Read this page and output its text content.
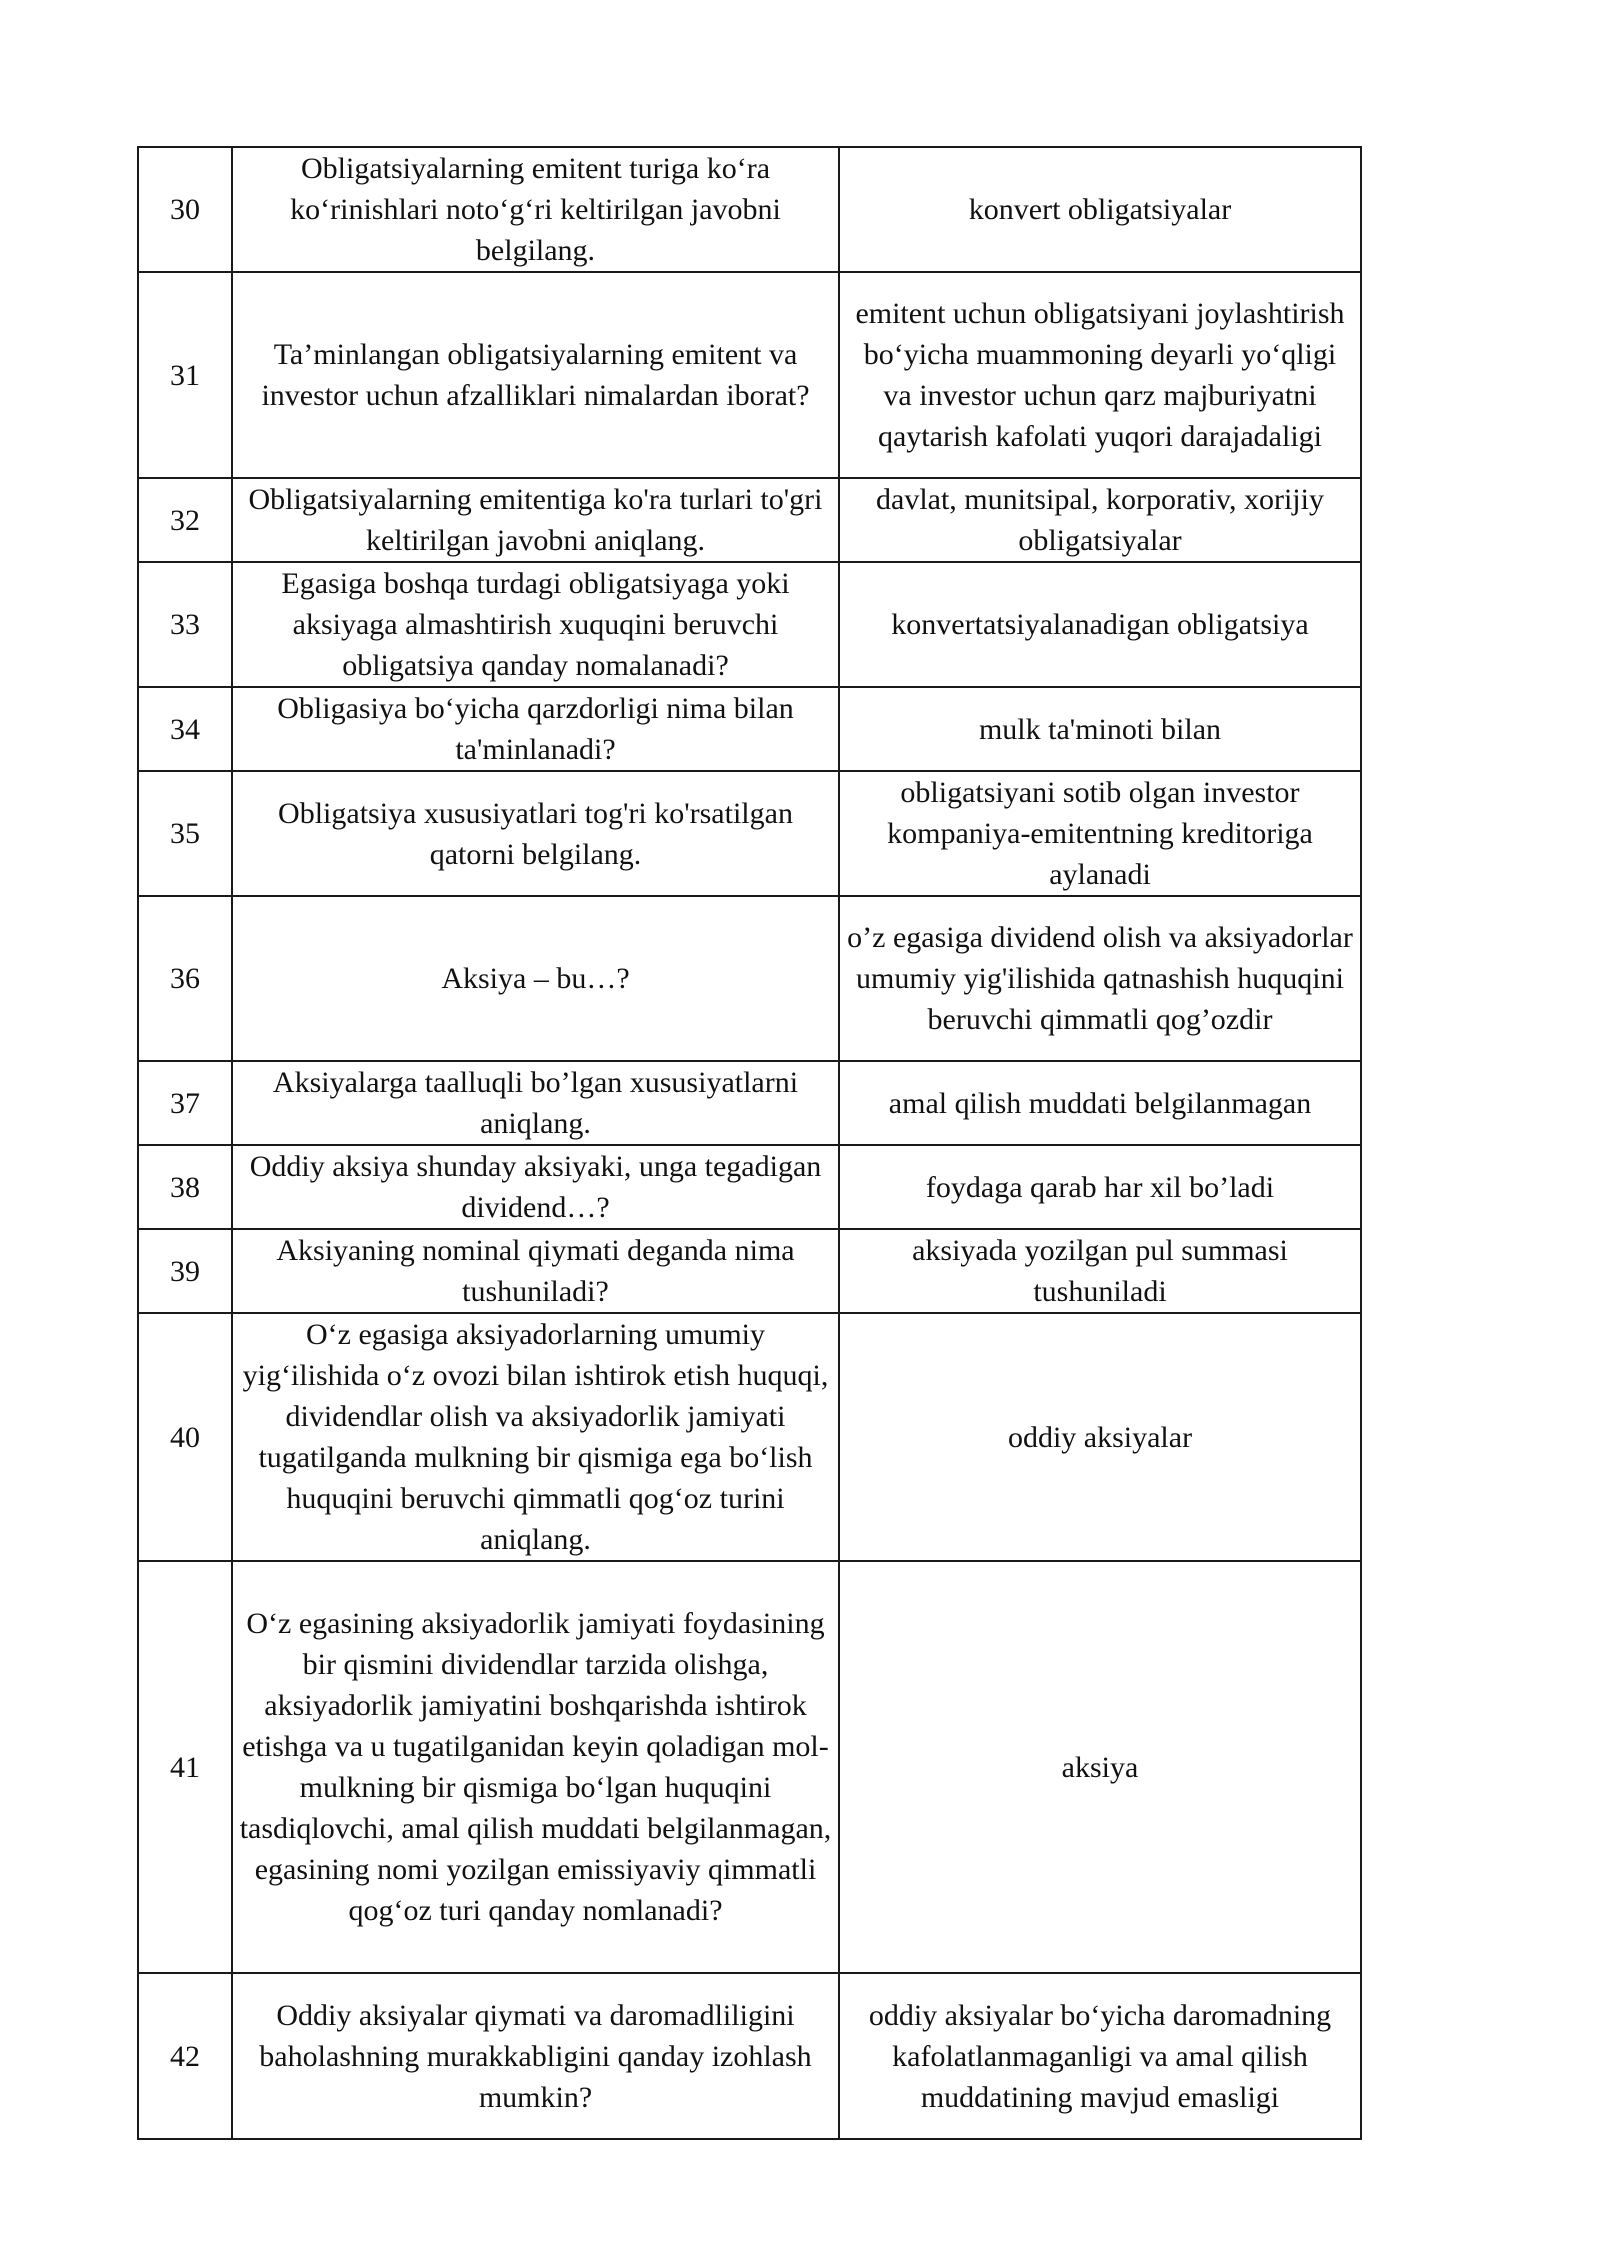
30	Obligatsiyalarning emitent turiga ko‘ra ko‘rinishlari noto‘g‘ri keltirilgan javobni belgilang.	konvert obligatsiyalar
31	Ta’minlangan obligatsiyalarning emitent va investor uchun afzalliklari nimalardan iborat?	emitent uchun obligatsiyani joylashtirish bo‘yicha muammoning deyarli yo‘qligi va investor uchun qarz majburiyatni qaytarish kafolati yuqori darajadaligi
32	Obligatsiyalarning emitentiga ko'ra turlari to'gri keltirilgan javobni aniqlang.	davlat, munitsipal, korporativ, xorijiy obligatsiyalar
33	Egasiga boshqa turdagi obligatsiyaga yoki aksiyaga almashtirish xuquqini beruvchi obligatsiya qanday nomalanadi?	konvertatsiyalanadigan obligatsiya
34	Obligasiya bo‘yicha qarzdorligi nima bilan ta'minlanadi?	mulk ta'minoti bilan
35	Obligatsiya xususiyatlari tog'ri ko'rsatilgan qatorni belgilang.	obligatsiyani sotib olgan investor kompaniya-emitentning kreditoriga aylanadi
36	Aksiya – bu…?	o’z egasiga dividend olish va aksiyadorlar umumiy yig'ilishida qatnashish huquqini beruvchi qimmatli qog’ozdir
37	Aksiyalarga taalluqli bo’lgan xususiyatlarni aniqlang.	amal qilish muddati belgilanmagan
38	Oddiy aksiya shunday aksiyaki, unga tegadigan dividend…?	foydaga qarab har xil bo’ladi
39	Aksiyaning nominal qiymati deganda nima tushuniladi?	aksiyada yozilgan pul summasi tushuniladi
40	O‘z egasiga aksiyadorlarning umumiy yig‘ilishida o‘z ovozi bilan ishtirok etish huquqi, dividendlar olish va aksiyadorlik jamiyati tugatilganda mulkning bir qismiga ega bo‘lish huquqini beruvchi qimmatli qog‘oz turini aniqlang.	oddiy aksiyalar
41	O‘z egasining aksiyadorlik jamiyati foydasining bir qismini dividendlar tarzida olishga, aksiyadorlik jamiyatini boshqarishda ishtirok etishga va u tugatilganidan keyin qoladigan mol-mulkning bir qismiga bo‘lgan huquqini tasdiqlovchi, amal qilish muddati belgilanmagan, egasining nomi yozilgan emissiyaviy qimmatli qog‘oz turi qanday nomlanadi?	aksiya
42	Oddiy aksiyalar qiymati va daromadliligini baholashning murakkabligini qanday izohlash mumkin?	oddiy aksiyalar bo‘yicha daromadning kafolatlanmaganligi va amal qilish muddatining mavjud emasligi
